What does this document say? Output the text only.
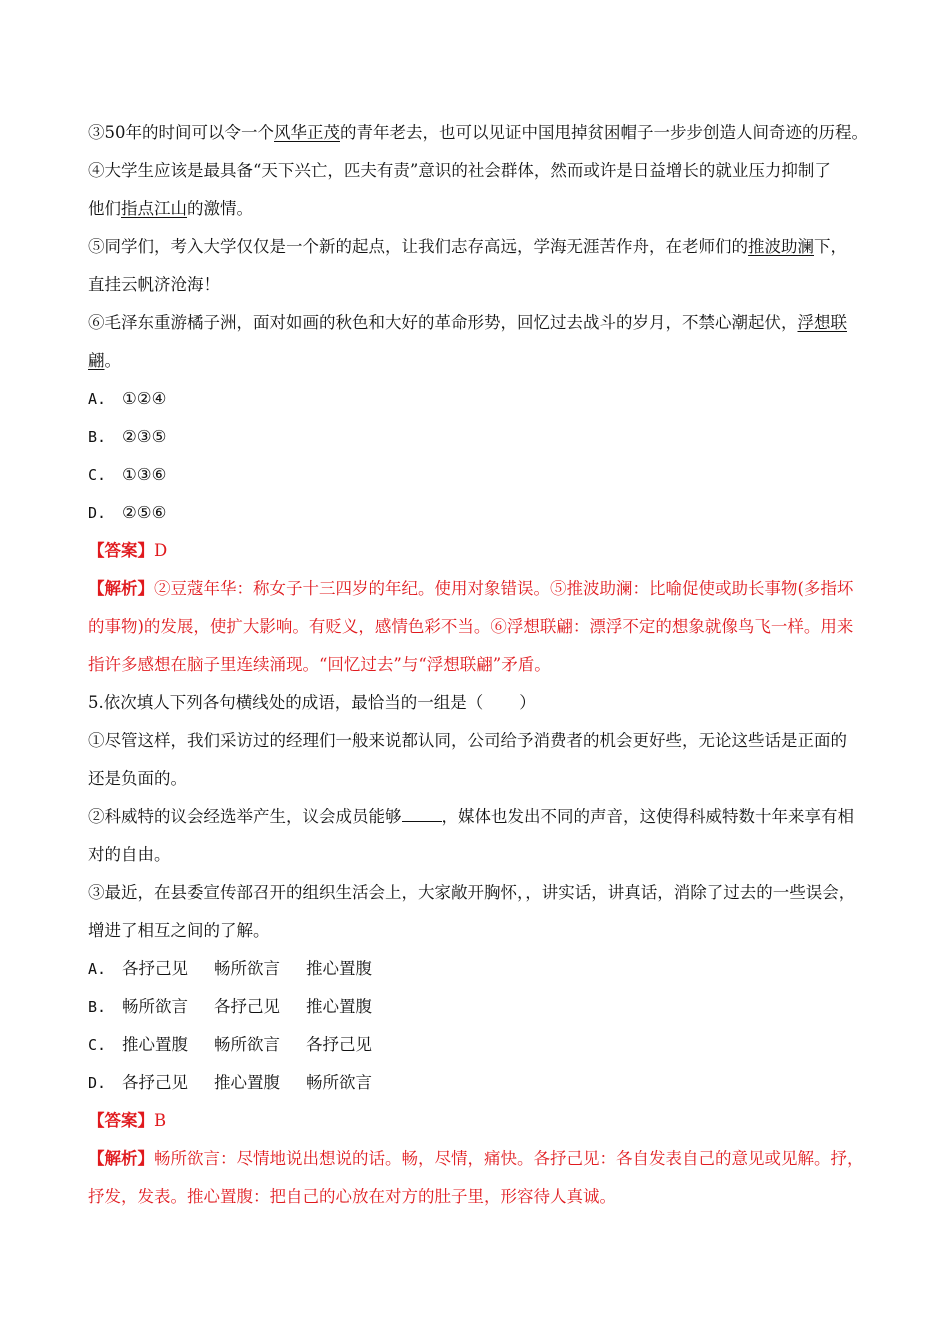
③50年的时间可以令一个风华正茂的青年老去，也可以见证中国甩掉贫困帽子一步步创造人间奇迹的历程。
④大学生应该是最具备“天下兴亡，匹夫有责”意识的社会群体，然而或许是日益增长的就业压力抑制了
他们指点江山的激情。
⑤同学们，考入大学仅仅是一个新的起点，让我们志存高远，学海无涯苦作舟，在老师们的推波助澜下，
直挂云帆济沧海！
⑥毛泽东重游橘子洲，面对如画的秋色和大好的革命形势，回忆过去战斗的岁月，不禁心潮起伏，浮想联
翩。
A. ①②④
B. ②③⑤
C. ①③⑥
D. ②⑤⑥
【答案】D
【解析】②豆蔻年华：称女子十三四岁的年纪。使用对象错误。⑤推波助澜：比喻促使或助长事物(多指坏
的事物)的发展，使扩大影响。有贬义，感情色彩不当。⑥浮想联翩：漂浮不定的想象就像鸟飞一样。用来
指许多感想在脑子里连续涌现。“回忆过去”与“浮想联翩”矛盾。
5.依次填人下列各句横线处的成语，最恰当的一组是（ ）
①尽管这样，我们采访过的经理们一般来说都认同，公司给予消费者的机会更好些，无论这些话是正面的
还是负面的。
②科威特的议会经选举产生，议会成员能够 ，媒体也发出不同的声音，这使得科威特数十年来享有相
对的自由。
③最近，在县委宣传部召开的组织生活会上，大家敞开胸怀，，讲实话，讲真话，消除了过去的一些误会，
增进了相互之间的了解。
A. 各抒己见 畅所欲言 推心置腹
B. 畅所欲言 各抒己见 推心置腹
C. 推心置腹 畅所欲言 各抒己见
D. 各抒己见 推心置腹 畅所欲言
【答案】B
【解析】畅所欲言：尽情地说出想说的话。畅，尽情，痛快。各抒己见：各自发表自己的意见或见解。抒，
抒发，发表。推心置腹：把自己的心放在对方的肚子里，形容待人真诚。
